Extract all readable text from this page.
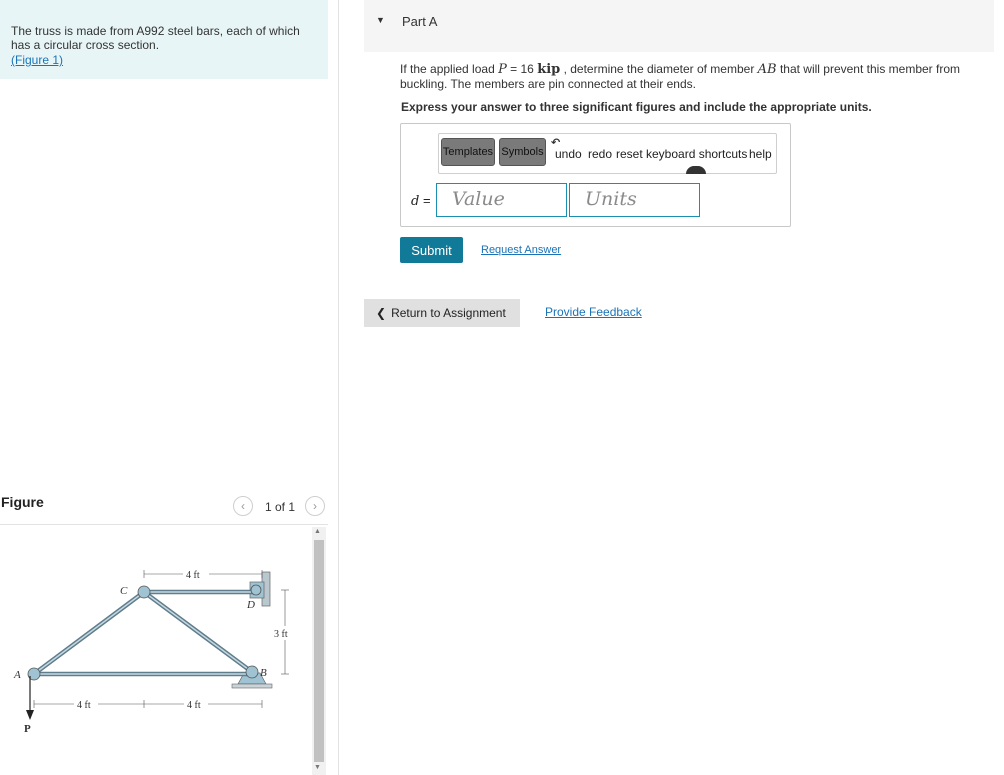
The truss is made from A992 steel bars, each of which has a circular cross section.
(Figure 1)
Figure	‹ 1 of 1 ›
▲
▼
4 ft
3 ft
4 ft	4 ft
C
D
A	B
P
▼ Part A
If the applied load P = 16 kip , determine the diameter of member AB that will prevent this member from buckling. The members are pin connected at their ends.
Express your answer to three significant figures and include the appropriate units.
Templates Symbols
↶
undo redo reset keyboard shortcuts help
d =	Value	Units
Submit	Request Answer
❮ Return to Assignment	Provide Feedback
